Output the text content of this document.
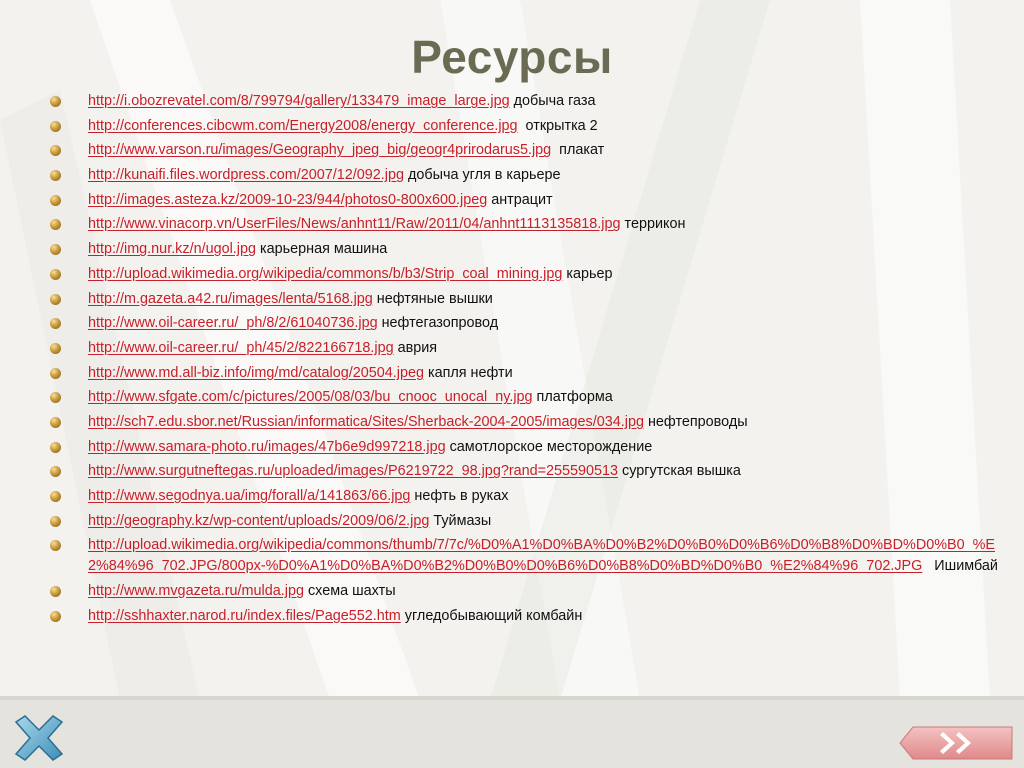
Ресурсы
http://i.obozrevatel.com/8/799794/gallery/133479_image_large.jpg добыча газа
http://conferences.cibcwm.com/Energy2008/energy_conference.jpg  открытка 2
http://www.varson.ru/images/Geography_jpeg_big/geogr4prirodarus5.jpg  плакат
http://kunaifi.files.wordpress.com/2007/12/092.jpg добыча угля в карьере
http://images.asteza.kz/2009-10-23/944/photos0-800x600.jpeg антрацит
http://www.vinacorp.vn/UserFiles/News/anhnt11/Raw/2011/04/anhnt1113135818.jpg террикон
http://img.nur.kz/n/ugol.jpg карьерная машина
http://upload.wikimedia.org/wikipedia/commons/b/b3/Strip_coal_mining.jpg карьер
http://m.gazeta.a42.ru/images/lenta/5168.jpg нефтяные вышки
http://www.oil-career.ru/_ph/8/2/61040736.jpg нефтегазопровод
http://www.oil-career.ru/_ph/45/2/822166718.jpg аврия
http://www.md.all-biz.info/img/md/catalog/20504.jpeg капля нефти
http://www.sfgate.com/c/pictures/2005/08/03/bu_cnooc_unocal_ny.jpg платформа
http://sch7.edu.sbor.net/Russian/informatica/Sites/Sherback-2004-2005/images/034.jpg нефтепроводы
http://www.samara-photo.ru/images/47b6e9d997218.jpg самотлорское месторождение
http://www.surgutneftegas.ru/uploaded/images/P6219722_98.jpg?rand=255590513 сургутская вышка
http://www.segodnya.ua/img/forall/a/141863/66.jpg нефть в руках
http://geography.kz/wp-content/uploads/2009/06/2.jpg Туймазы
http://upload.wikimedia.org/wikipedia/commons/thumb/7/7c/%D0%A1%D0%BA%D0%B2%D0%B0%D0%B6%D0%B8%D0%BD%D0%B0_%E2%84%96_702.JPG/800px-%D0%A1%D0%BA%D0%B2%D0%B0%D0%B6%D0%B8%D0%BD%D0%B0_%E2%84%96_702.JPG   Ишимбай
http://www.mvgazeta.ru/mulda.jpg схема шахты
http://sshhaxter.narod.ru/index.files/Page552.htm угледобывающий комбайн
